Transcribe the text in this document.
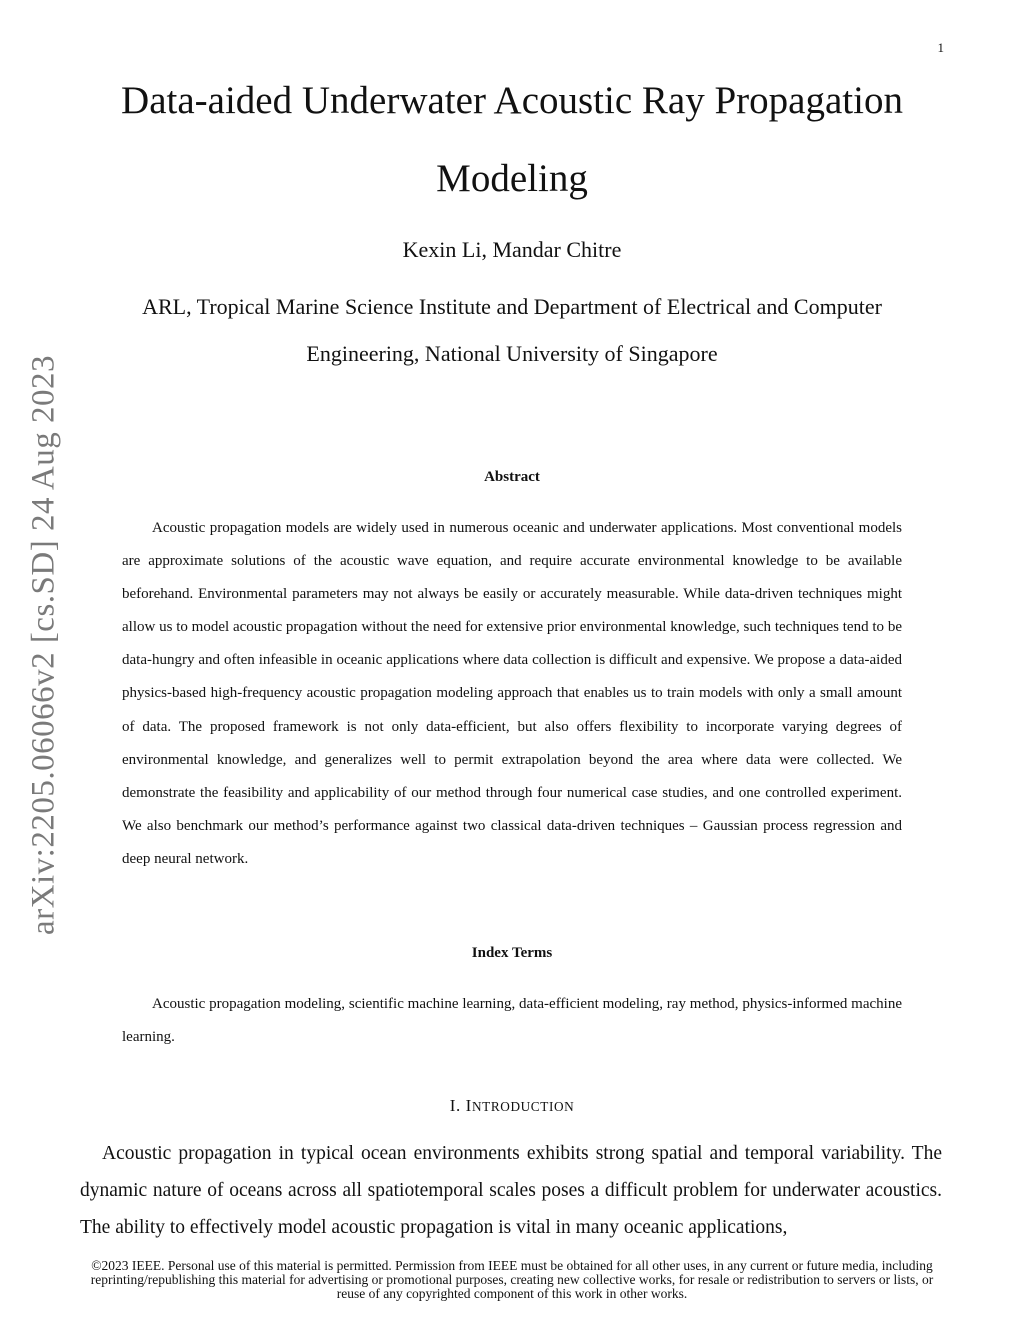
1
arXiv:2205.06066v2 [cs.SD] 24 Aug 2023
Data-aided Underwater Acoustic Ray Propagation Modeling
Kexin Li, Mandar Chitre
ARL, Tropical Marine Science Institute and Department of Electrical and Computer Engineering, National University of Singapore
Abstract

Acoustic propagation models are widely used in numerous oceanic and underwater applications. Most conventional models are approximate solutions of the acoustic wave equation, and require accurate environmental knowledge to be available beforehand. Environmental parameters may not always be easily or accurately measurable. While data-driven techniques might allow us to model acoustic propagation without the need for extensive prior environmental knowledge, such techniques tend to be data-hungry and often infeasible in oceanic applications where data collection is difficult and expensive. We propose a data-aided physics-based high-frequency acoustic propagation modeling approach that enables us to train models with only a small amount of data. The proposed framework is not only data-efficient, but also offers flexibility to incorporate varying degrees of environmental knowledge, and generalizes well to permit extrapolation beyond the area where data were collected. We demonstrate the feasibility and applicability of our method through four numerical case studies, and one controlled experiment. We also benchmark our method’s performance against two classical data-driven techniques – Gaussian process regression and deep neural network.

Index Terms

Acoustic propagation modeling, scientific machine learning, data-efficient modeling, ray method, physics-informed machine learning.

I. INTRODUCTION

Acoustic propagation in typical ocean environments exhibits strong spatial and temporal variability. The dynamic nature of oceans across all spatiotemporal scales poses a difficult problem for underwater acoustics. The ability to effectively model acoustic propagation is vital in many oceanic applications,

©2023 IEEE. Personal use of this material is permitted. Permission from IEEE must be obtained for all other uses, in any current or future media, including reprinting/republishing this material for advertising or promotional purposes, creating new collective works, for resale or redistribution to servers or lists, or reuse of any copyrighted component of this work in other works.
